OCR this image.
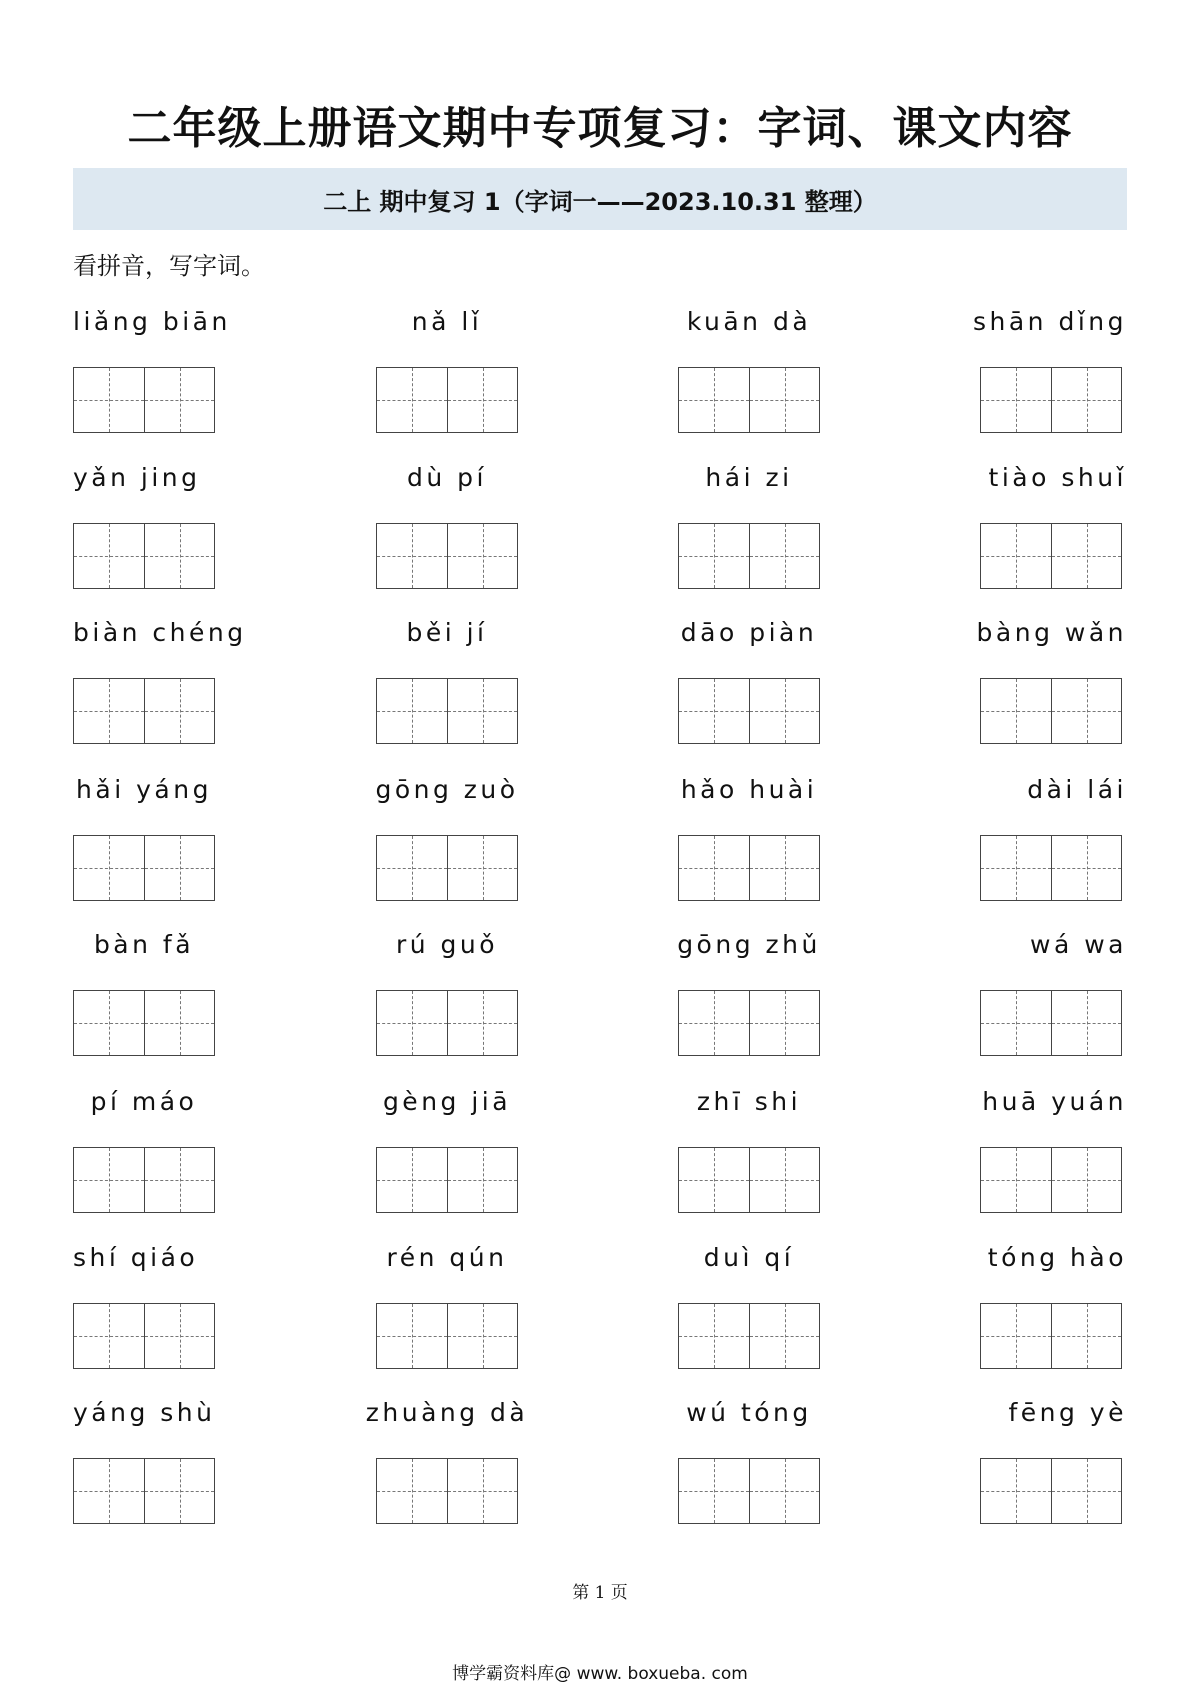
二年级上册语文期中专项复习：字词、课文内容
二上 期中复习 1（字词一——2023.10.31 整理）
看拼音，写字词。
liǎng biān	nǎ lǐ	kuān dà	shān dǐng
yǎn jing	dù pí	hái zi	tiào shuǐ
biàn chéng	běi jí	dāo piàn	bàng wǎn
hǎi yáng	gōng zuò	hǎo huài	dài lái
bàn fǎ	rú guǒ	gōng zhǔ	wá wa
pí máo	gèng jiā	zhī shi	huā yuán
shí qiáo	rén qún	duì qí	tóng hào
yáng shù	zhuàng dà	wú tóng	fēng yè
第 1 页
博学霸资料库@ www. boxueba. com
